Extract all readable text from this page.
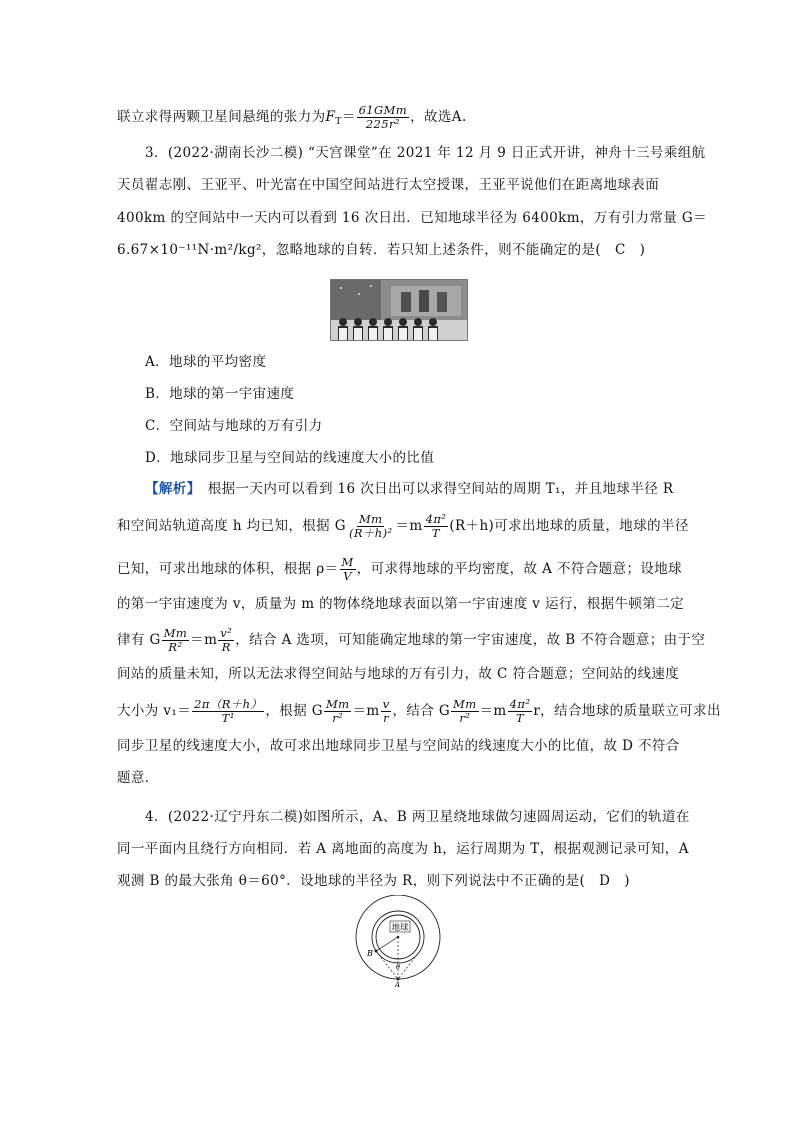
联立求得两颗卫星间悬绳的张力为$F_T= \frac{\text{61GMm}}{\text{225r²}}$ ，故选A.
3．(2022·湖南长沙二模) “天宫课堂”在 2021 年 12 月 9 日正式开讲，神舟十三号乘组航
天员翟志刚、王亚平、叶光富在中国空间站进行太空授课，王亚平说他们在距离地球表面
400km 的空间站中一天内可以看到 16 次日出．已知地球半径为 6400km，万有引力常量 G＝
6.67×10⁻¹¹N·m²/kg²，忽略地球的自转．若只知上述条件，则不能确定的是(　C　)
A．地球的平均密度
B．地球的第一宇宙速度
C．空间站与地球的万有引力
D．地球同步卫星与空间站的线速度大小的比值
【解析】　根据一天内可以看到 16 次日出可以求得空间站的周期 T₁，并且地球半径 R
和空间站轨道高度 h 均已知，根据 G $\frac{Mm}{\text{(R＋h)²}} =m \frac{\text{4π²}}{T} (R+h)$可求出地球的质量，地球的半径
已知，可求出地球的体积，根据 $\rho= \frac{M}{V}$ ，可求得地球的平均密度，故 A 不符合题意；设地球
的第一宇宙速度为 v，质量为 m 的物体绕地球表面以第一宇宙速度 v 运行，根据牛顿第二定
律有 G $\frac{Mm}{\text{R²}} =m \frac{\text{v²}}{R}$ ，结合 A 选项，可知能确定地球的第一宇宙速度，故 B 不符合题意；由于空
间站的质量未知，所以无法求得空间站与地球的万有引力，故 C 符合题意；空间站的线速度
大小为 $v_1= \frac{2\pi(R+h)}{\text{T¹}}$ ，根据 G $\frac{Mm}{\text{r²}} =m \frac{v}{r}$ ，结合 G $\frac{Mm}{\text{r²}} =m \frac{\text{4π²}}{T}$ r，结合地球的质量联立可求出
同步卫星的线速度大小，故可求出地球同步卫星与空间站的线速度大小的比值，故 D 不符合
题意．
4．(2022·辽宁丹东二模)如图所示，A、B 两卫星绕地球做匀速圆周运动，它们的轨道在
同一平面内且绕行方向相同．若 A 离地面的高度为 h，运行周期为 T，根据观测记录可知，A
观测 B 的最大张角 θ＝60°．设地球的半径为 R，则下列说法中不正确的是(　D　)
地球
B
A
θ
